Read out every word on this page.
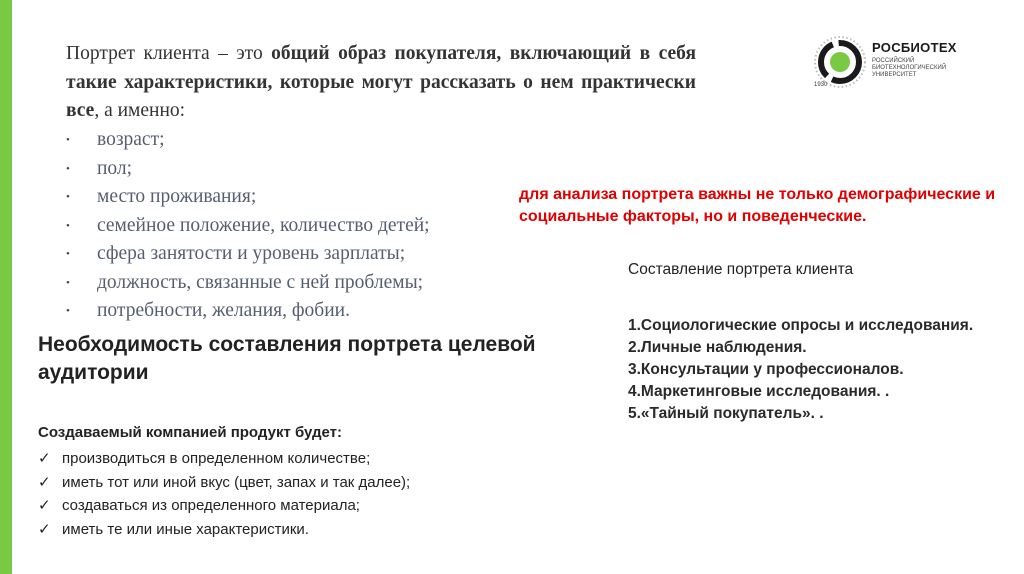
1930
РОСБИОТЕХ
РОССИЙСКИЙ БИОТЕХНОЛОГИЧЕСКИЙ УНИВЕРСИТЕТ
Портрет клиента – это общий образ покупателя, включающий в себя такие характеристики, которые могут рассказать о нем практически все, а именно:
• возраст;
• пол;
• место проживания;
• семейное положение, количество детей;
• сфера занятости и уровень зарплаты;
• должность, связанные с ней проблемы;
• потребности, желания, фобии.
для анализа портрета важны не только демографические и социальные факторы, но и поведенческие.
Составление портрета клиента
1.Социологические опросы и исследования.
2.Личные наблюдения.
3.Консультации у профессионалов.
4.Маркетинговые исследования. .
5.«Тайный покупатель». .
Необходимость составления портрета целевой аудитории
Создаваемый компанией продукт будет:
✓ производиться в определенном количестве;
✓ иметь тот или иной вкус (цвет, запах и так далее);
✓ создаваться из определенного материала;
✓ иметь те или иные характеристики.
